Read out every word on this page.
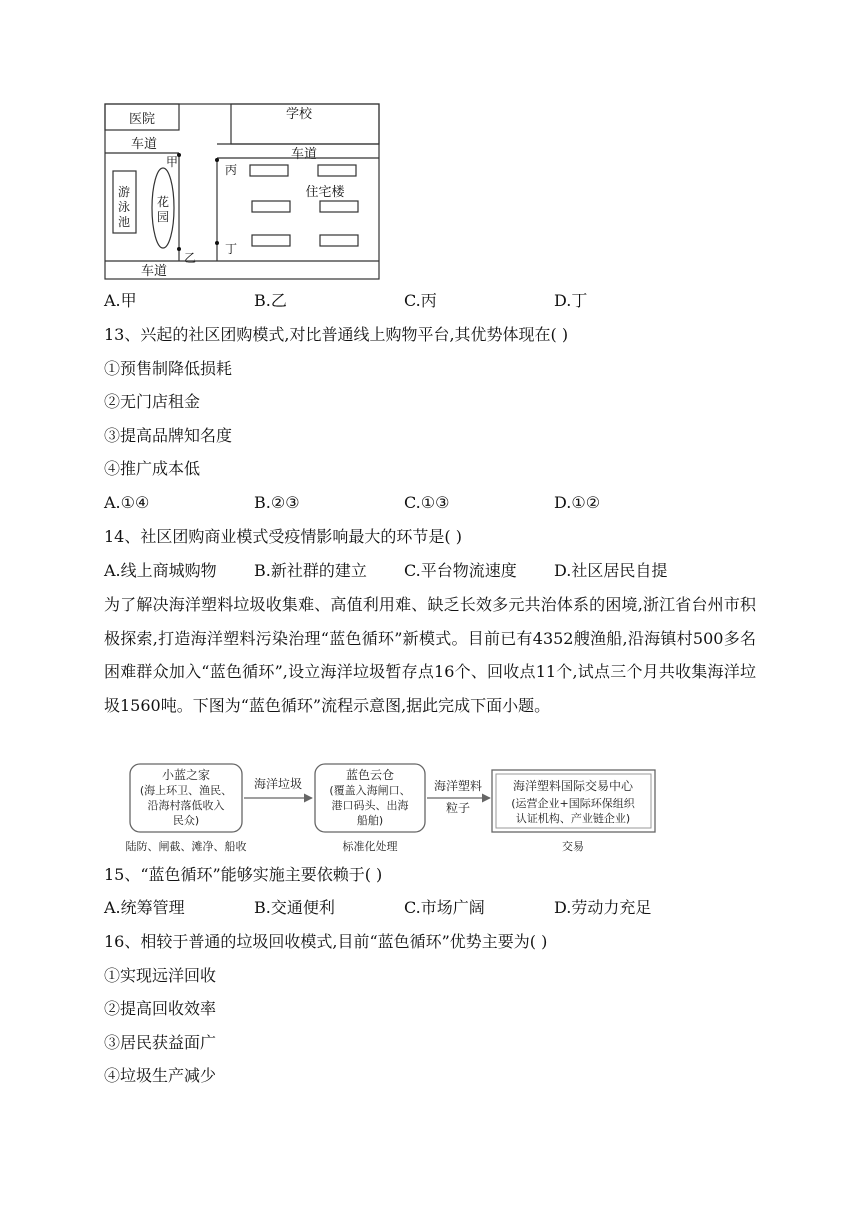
医院	学校
车道
游
泳
池
花
园
甲
乙
车道
丙
丁
住宅楼
车道
A.甲	B.乙	C.丙	D.丁
13、兴起的社区团购模式,对比普通线上购物平台,其优势体现在( )
①预售制降低损耗
②无门店租金
③提高品牌知名度
④推广成本低
A.①④	B.②③	C.①③	D.①②
14、社区团购商业模式受疫情影响最大的环节是( )
A.线上商城购物 B.新社群的建立 C.平台物流速度 D.社区居民自提
为了解决海洋塑料垃圾收集难、高值利用难、缺乏长效多元共治体系的困境,浙江省台州市积极探索,打造海洋塑料污染治理“蓝色循环”新模式。目前已有4352艘渔船,沿海镇村500多名困难群众加入“蓝色循环”,设立海洋垃圾暂存点16个、回收点11个,试点三个月共收集海洋垃圾1560吨。下图为“蓝色循环”流程示意图,据此完成下面小题。
小蓝之家
(海上环卫、渔民、
沿海村落低收入
民众)
陆防、闸截、滩净、船收
海洋垃圾
蓝色云仓
(覆盖入海闸口、
港口码头、出海
船舶)
标准化处理
海洋塑料
粒子
海洋塑料国际交易中心
(运营企业+国际环保组织
认证机构、产业链企业)
交易
15、“蓝色循环”能够实施主要依赖于( )
A.统筹管理	B.交通便利	C.市场广阔	D.劳动力充足
16、相较于普通的垃圾回收模式,目前“蓝色循环”优势主要为( )
①实现远洋回收
②提高回收效率
③居民获益面广
④垃圾生产减少
